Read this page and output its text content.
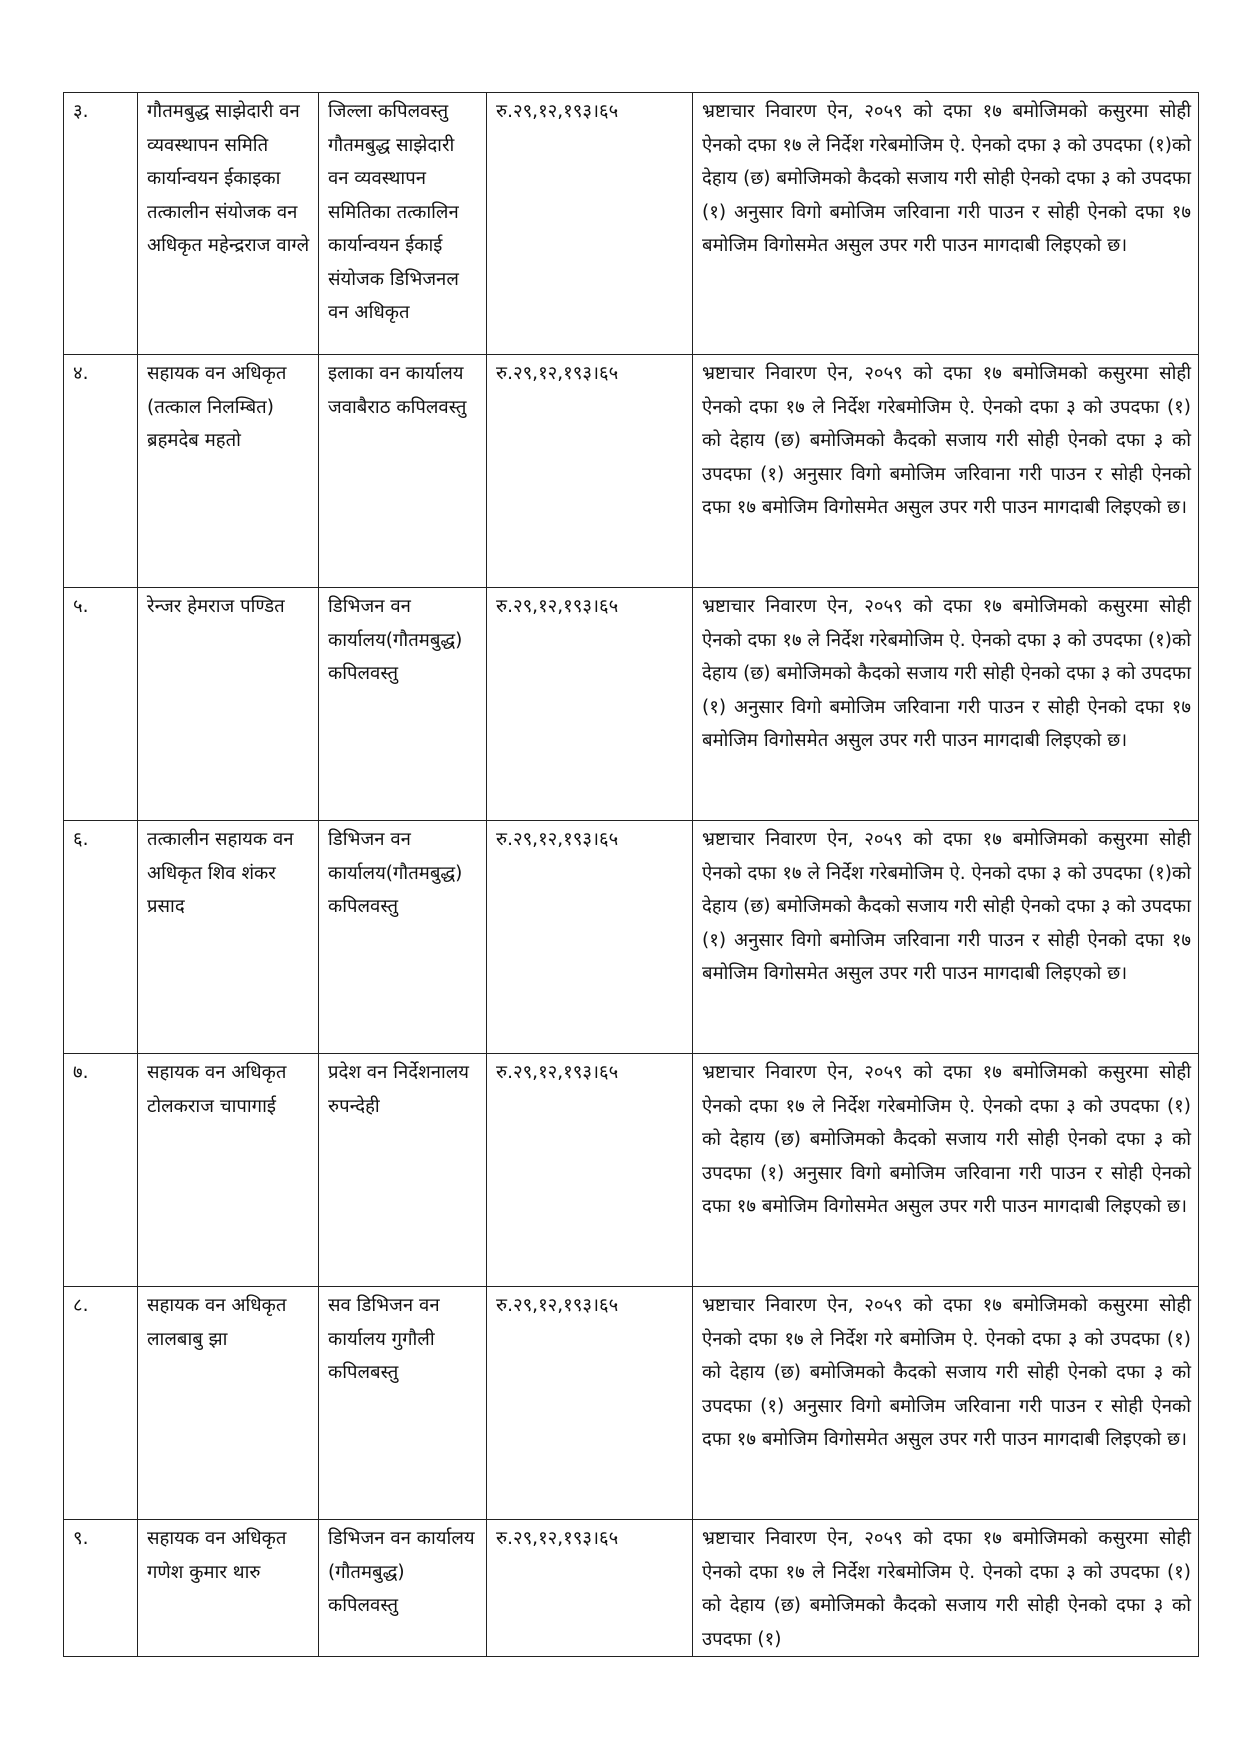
३.	गौतमबुद्ध साझेदारी वन व्यवस्थापन समिति कार्यान्वयन ईकाइका तत्कालीन संयोजक वन अधिकृत महेन्द्रराज वाग्ले	जिल्ला कपिलवस्तु गौतमबुद्ध साझेदारी वन व्यवस्थापन समितिका तत्कालिन कार्यान्वयन ईकाई संयोजक डिभिजनल वन अधिकृत	रु.२९,१२,१९३।६५	भ्रष्टाचार निवारण ऐन, २०५९ को दफा १७ बमोजिमको कसुरमा सोही ऐनको दफा १७ ले निर्देश गरेबमोजिम ऐ. ऐनको दफा ३ को उपदफा (१)को देहाय (छ) बमोजिमको कैदको सजाय गरी सोही ऐनको दफा ३ को उपदफा (१) अनुसार विगो बमोजिम जरिवाना गरी पाउन र सोही ऐनको दफा १७ बमोजिम विगोसमेत असुल उपर गरी पाउन मागदाबी लिइएको छ।
४.	सहायक वन अधिकृत (तत्काल निलम्बित) ब्रहमदेब महतो	इलाका वन कार्यालय जवाबैराठ कपिलवस्तु	रु.२९,१२,१९३।६५	भ्रष्टाचार निवारण ऐन, २०५९ को दफा १७ बमोजिमको कसुरमा सोही ऐनको दफा १७ ले निर्देश गरेबमोजिम ऐ. ऐनको दफा ३ को उपदफा (१) को देहाय (छ) बमोजिमको कैदको सजाय गरी सोही ऐनको दफा ३ को उपदफा (१) अनुसार विगो बमोजिम जरिवाना गरी पाउन र सोही ऐनको दफा १७ बमोजिम विगोसमेत असुल उपर गरी पाउन मागदाबी लिइएको छ।
५.	रेन्जर हेमराज पण्डित	डिभिजन वन कार्यालय(गौतमबुद्ध) कपिलवस्तु	रु.२९,१२,१९३।६५	भ्रष्टाचार निवारण ऐन, २०५९ को दफा १७ बमोजिमको कसुरमा सोही ऐनको दफा १७ ले निर्देश गरेबमोजिम ऐ. ऐनको दफा ३ को उपदफा (१)को देहाय (छ) बमोजिमको कैदको सजाय गरी सोही ऐनको दफा ३ को उपदफा (१) अनुसार विगो बमोजिम जरिवाना गरी पाउन र सोही ऐनको दफा १७ बमोजिम विगोसमेत असुल उपर गरी पाउन मागदाबी लिइएको छ।
६.	तत्कालीन सहायक वन अधिकृत शिव शंकर प्रसाद	डिभिजन वन कार्यालय(गौतमबुद्ध) कपिलवस्तु	रु.२९,१२,१९३।६५	भ्रष्टाचार निवारण ऐन, २०५९ को दफा १७ बमोजिमको कसुरमा सोही ऐनको दफा १७ ले निर्देश गरेबमोजिम ऐ. ऐनको दफा ३ को उपदफा (१)को देहाय (छ) बमोजिमको कैदको सजाय गरी सोही ऐनको दफा ३ को उपदफा (१) अनुसार विगो बमोजिम जरिवाना गरी पाउन र सोही ऐनको दफा १७ बमोजिम विगोसमेत असुल उपर गरी पाउन मागदाबी लिइएको छ।
७.	सहायक वन अधिकृत टोलकराज चापागाई	प्रदेश वन निर्देशनालय रुपन्देही	रु.२९,१२,१९३।६५	भ्रष्टाचार निवारण ऐन, २०५९ को दफा १७ बमोजिमको कसुरमा सोही ऐनको दफा १७ ले निर्देश गरेबमोजिम ऐ. ऐनको दफा ३ को उपदफा (१) को देहाय (छ) बमोजिमको कैदको सजाय गरी सोही ऐनको दफा ३ को उपदफा (१) अनुसार विगो बमोजिम जरिवाना गरी पाउन र सोही ऐनको दफा १७ बमोजिम विगोसमेत असुल उपर गरी पाउन मागदाबी लिइएको छ।
८.	सहायक वन अधिकृत लालबाबु झा	सव डिभिजन वन कार्यालय गुगौली कपिलबस्तु	रु.२९,१२,१९३।६५	भ्रष्टाचार निवारण ऐन, २०५९ को दफा १७ बमोजिमको कसुरमा सोही ऐनको दफा १७ ले निर्देश गरे बमोजिम ऐ. ऐनको दफा ३ को उपदफा (१) को देहाय (छ) बमोजिमको कैदको सजाय गरी सोही ऐनको दफा ३ को उपदफा (१) अनुसार विगो बमोजिम जरिवाना गरी पाउन र सोही ऐनको दफा १७ बमोजिम विगोसमेत असुल उपर गरी पाउन मागदाबी लिइएको छ।
९.	सहायक वन अधिकृत गणेश कुमार थारु	डिभिजन वन कार्यालय (गौतमबुद्ध) कपिलवस्तु	रु.२९,१२,१९३।६५	भ्रष्टाचार निवारण ऐन, २०५९ को दफा १७ बमोजिमको कसुरमा सोही ऐनको दफा १७ ले निर्देश गरेबमोजिम ऐ. ऐनको दफा ३ को उपदफा (१) को देहाय (छ) बमोजिमको कैदको सजाय गरी सोही ऐनको दफा ३ को उपदफा (१)
